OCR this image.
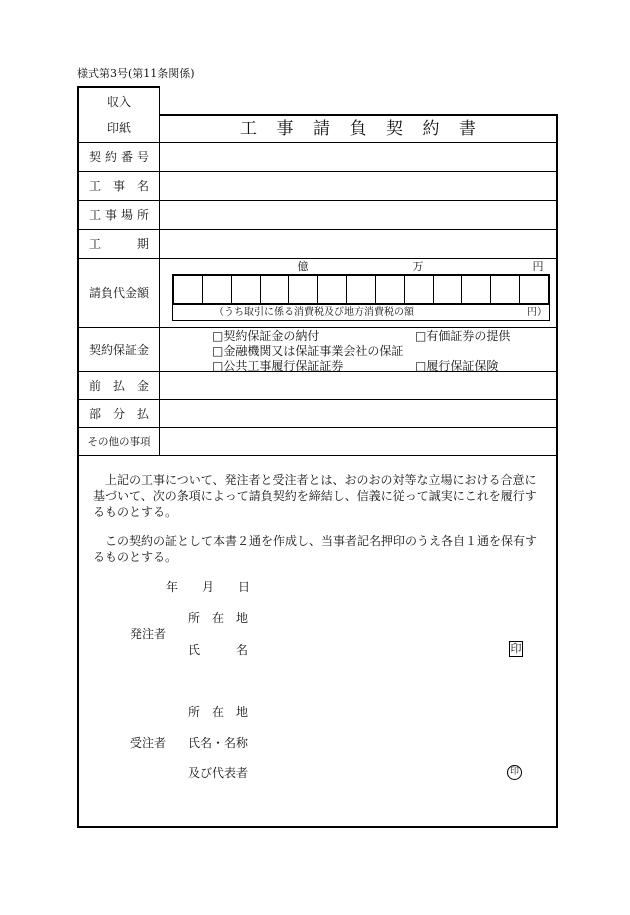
様式第3号(第11条関係)
収入
印紙	工事請負契約書
契約番号
工事名
工事場所
工期
請負代金額
億	万	円
（うち取引に係る消費税及び地方消費税の額	円）
契約保証金
□契約保証金の納付	□有価証券の提供
□金融機関又は保証事業会社の保証
□公共工事履行保証証券	□履行保証保険
前払金
部分払
その他の事項
上記の工事について、発注者と受注者とは、おのおの対等な立場における合意に
基づいて、次の条項によって請負契約を締結し、信義に従って誠実にこれを履行す
るものとする。
この契約の証として本書２通を作成し、当事者記名押印のうえ各自１通を保有す
るものとする。
年 月 日
所在地
発注者
氏名	印
所在地
受注者 氏名・名称
及び代表者	印
